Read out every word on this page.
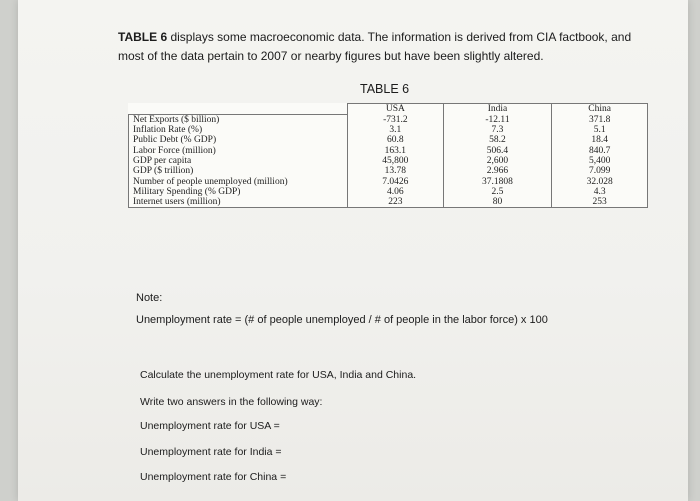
TABLE 6 displays some macroeconomic data. The information is derived from CIA factbook, and most of the data pertain to 2007 or nearby figures but have been slightly altered.

TABLE 6
	USA	India	China
Net Exports ($ billion)	-731.2	-12.11	371.8
Inflation Rate (%)	3.1	7.3	5.1
Public Debt (% GDP)	60.8	58.2	18.4
Labor Force (million)	163.1	506.4	840.7
GDP per capita	45,800	2,600	5,400
GDP ($ trillion)	13.78	2.966	7.099
Number of people unemployed (million)	7.0426	37.1808	32.028
Military Spending (% GDP)	4.06	2.5	4.3
Internet users (million)	223	80	253
Note:
Unemployment rate = (# of people unemployed / # of people in the labor force) x 100
Calculate the unemployment rate for USA, India and China.
Write two answers in the following way:
Unemployment rate for USA =
Unemployment rate for India =
Unemployment rate for China =
